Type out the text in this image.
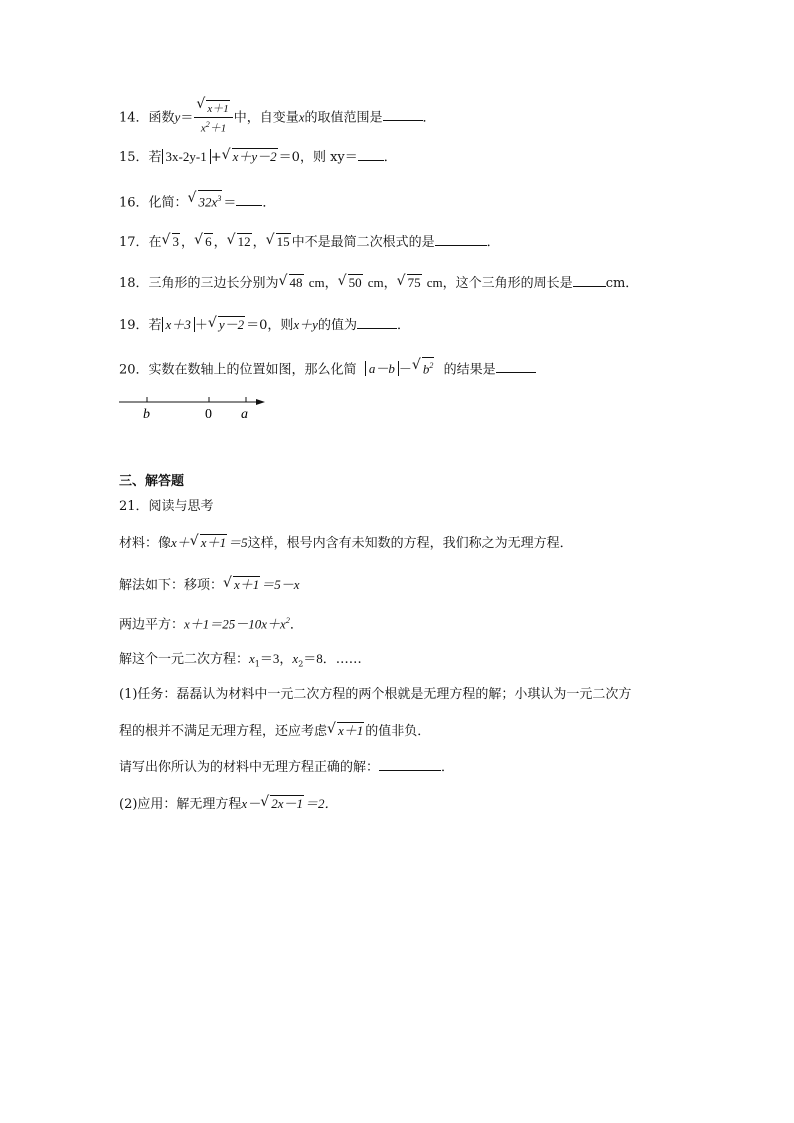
14．函数y＝ √ $\frac{x+1}{x^2+1}$ 中，自变量x的取值范围是	．
15．若 3x-2y-1 + √ x＋y－2 ＝0，则 xy＝ ．
16．化简： √ $32x^3$ ＝ ．
17．在 √ 3 ， √ 6 ， √ 12 ， √ 15 中不是最简二次根式的是	．
18．三角形的三边长分别为 √ 48 cm， √ 50 cm， √ 75 cm，这个三角形的周长是	cm．
19．若 x＋3 ＋ √ y－2 ＝0，则x＋y的值为	．
20．实数在数轴上的位置如图，那么化简 a－b － √ $b^2$ 的结果是
b	0 a
三、解答题
21．阅读与思考
材料：像x＋ √ x＋1 ＝5这样，根号内含有未知数的方程，我们称之为无理方程．
解法如下：移项： √ x＋1 ＝5－x
两边平方：$x+1=25-10x+x^2$．
解这个一元二次方程：$x_1=3$，$x_2=8$．……
(1)任务：磊磊认为材料中一元二次方程的两个根就是无理方程的解；小琪认为一元二次方
程的根并不满足无理方程，还应考虑 √ x＋1 的值非负．
请写出你所认为的材料中无理方程正确的解：	．
(2)应用：解无理方程x－ √ 2x－1 ＝2．
